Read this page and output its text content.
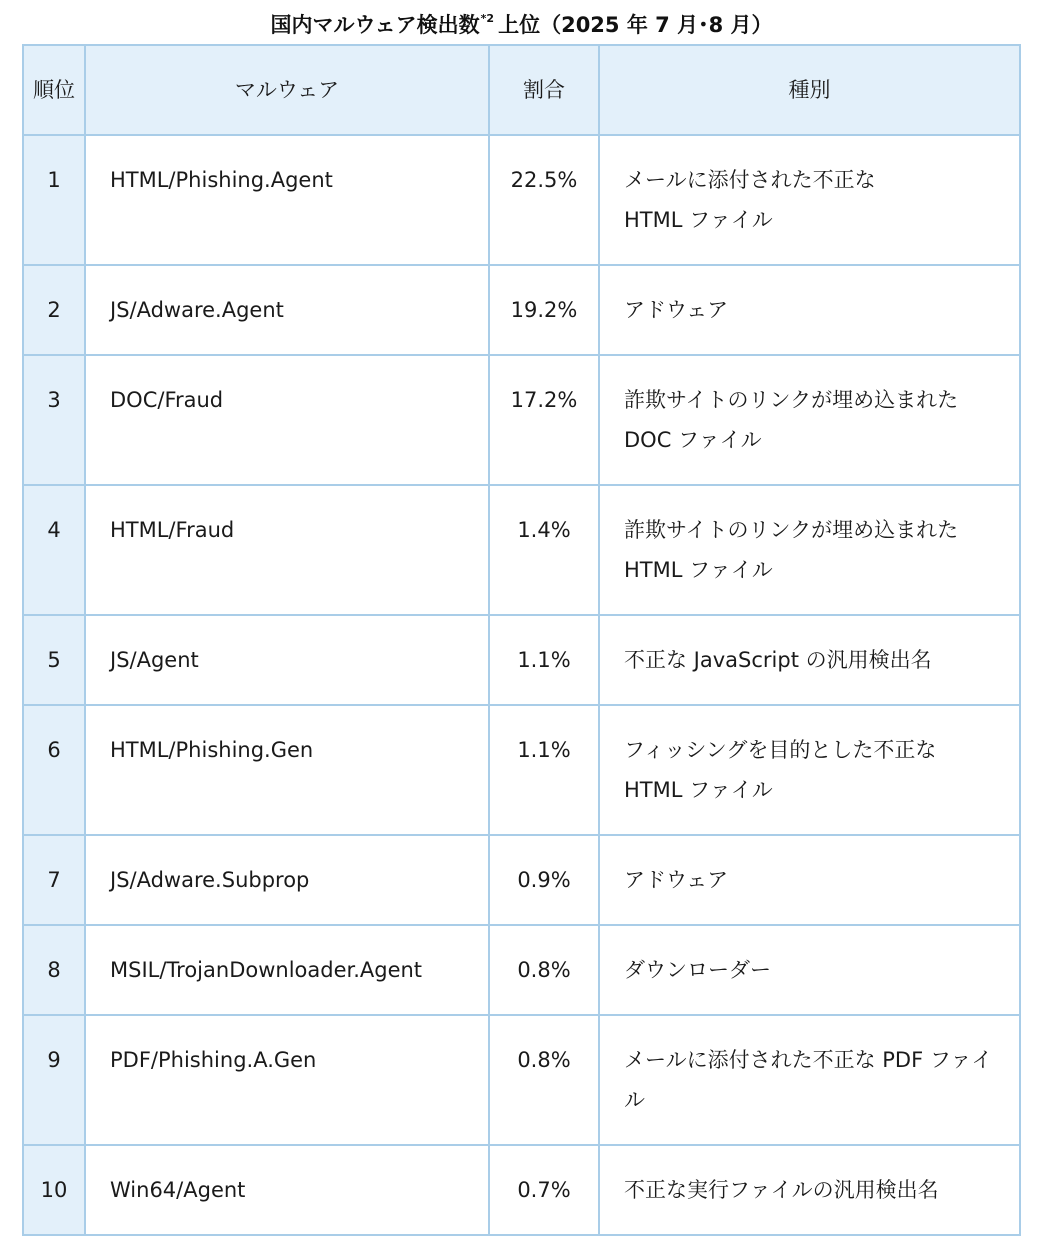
国内マルウェア検出数 *2 上位（2025 年 7 月･8 月）
順位	マルウェア	割合	種別
1	HTML/Phishing.Agent	22.5%	メールに添付された不正な
HTML ファイル

2	JS/Adware.Agent	19.2%	アドウェア

3	DOC/Fraud	17.2%	詐欺サイトのリンクが埋め込まれた
DOC ファイル

4	HTML/Fraud	1.4%	詐欺サイトのリンクが埋め込まれた
HTML ファイル

5	JS/Agent	1.1%	不正な JavaScript の汎用検出名

6	HTML/Phishing.Gen	1.1%	フィッシングを目的とした不正な
HTML ファイル

7	JS/Adware.Subprop	0.9%	アドウェア

8	MSIL/TrojanDownloader.Agent	0.8%	ダウンローダー

9	PDF/Phishing.A.Gen	0.8%	メールに添付された不正な PDF ファイル

10	Win64/Agent	0.7%	不正な実行ファイルの汎用検出名
